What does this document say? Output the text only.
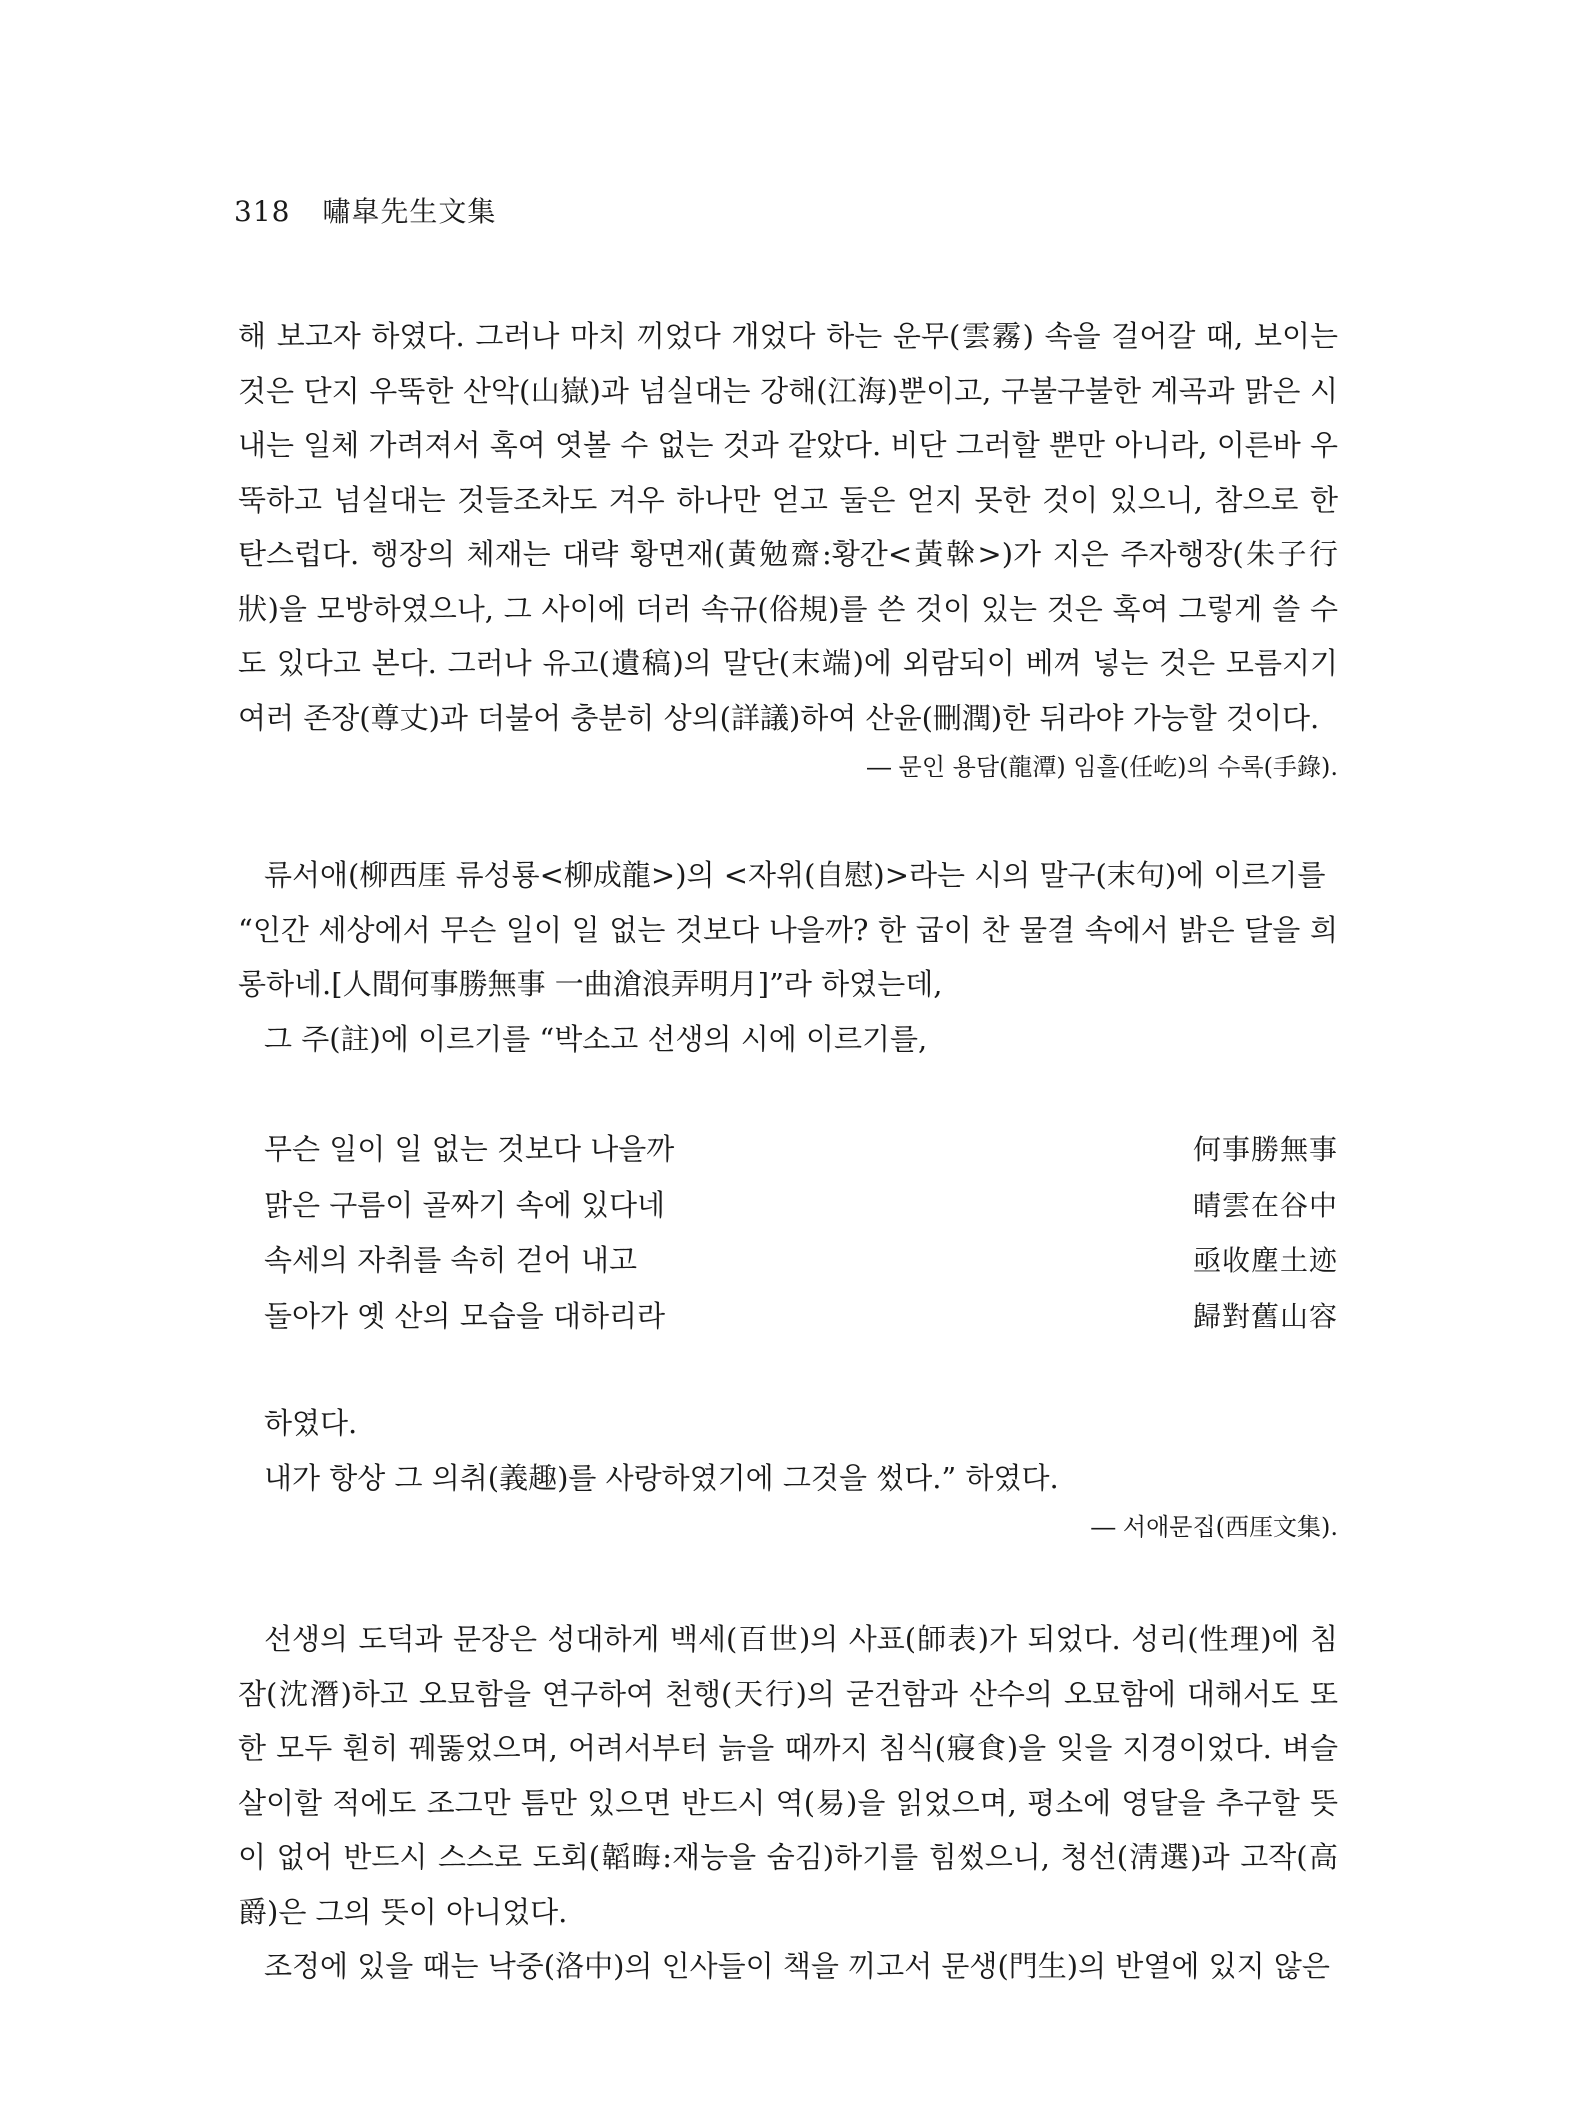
318 嘯皐先生文集

해 보고자 하였다. 그러나 마치 끼었다 개었다 하는 운무(雲霧) 속을 걸어갈 때, 보이는 것은 단지 우뚝한 산악(山嶽)과 넘실대는 강해(江海)뿐이고, 구불구불한 계곡과 맑은 시내는 일체 가려져서 혹여 엿볼 수 없는 것과 같았다. 비단 그러할 뿐만 아니라, 이른바 우뚝하고 넘실대는 것들조차도 겨우 하나만 얻고 둘은 얻지 못한 것이 있으니, 참으로 한탄스럽다. 행장의 체재는 대략 황면재(黃勉齋:황간<黃榦>)가 지은 주자행장(朱子行狀)을 모방하였으나, 그 사이에 더러 속규(俗規)를 쓴 것이 있는 것은 혹여 그렇게 쓸 수도 있다고 본다. 그러나 유고(遺稿)의 말단(末端)에 외람되이 베껴 넣는 것은 모름지기 여러 존장(尊丈)과 더불어 충분히 상의(詳議)하여 산윤(刪潤)한 뒤라야 가능할 것이다.

― 문인 용담(龍潭) 임흘(任屹)의 수록(手錄).

류서애(柳西厓 류성룡<柳成龍>)의 <자위(自慰)>라는 시의 말구(末句)에 이르기를

“인간 세상에서 무슨 일이 일 없는 것보다 나을까? 한 굽이 찬 물결 속에서 밝은 달을 희롱하네.[人間何事勝無事 一曲滄浪弄明月]”라 하였는데,

그 주(註)에 이르기를 “박소고 선생의 시에 이르기를,

무슨 일이 일 없는 것보다 나을까	何事勝無事
맑은 구름이 골짜기 속에 있다네	晴雲在谷中
속세의 자취를 속히 걷어 내고	亟收塵土迹
돌아가 옛 산의 모습을 대하리라	歸對舊山容

하였다.

내가 항상 그 의취(義趣)를 사랑하였기에 그것을 썼다.” 하였다.

― 서애문집(西厓文集).

선생의 도덕과 문장은 성대하게 백세(百世)의 사표(師表)가 되었다. 성리(性理)에 침잠(沈潛)하고 오묘함을 연구하여 천행(天行)의 굳건함과 산수의 오묘함에 대해서도 또한 모두 훤히 꿰뚫었으며, 어려서부터 늙을 때까지 침식(寢食)을 잊을 지경이었다. 벼슬살이할 적에도 조그만 틈만 있으면 반드시 역(易)을 읽었으며, 평소에 영달을 추구할 뜻이 없어 반드시 스스로 도회(韜晦:재능을 숨김)하기를 힘썼으니, 청선(淸選)과 고작(高爵)은 그의 뜻이 아니었다.

조정에 있을 때는 낙중(洛中)의 인사들이 책을 끼고서 문생(門生)의 반열에 있지 않은
